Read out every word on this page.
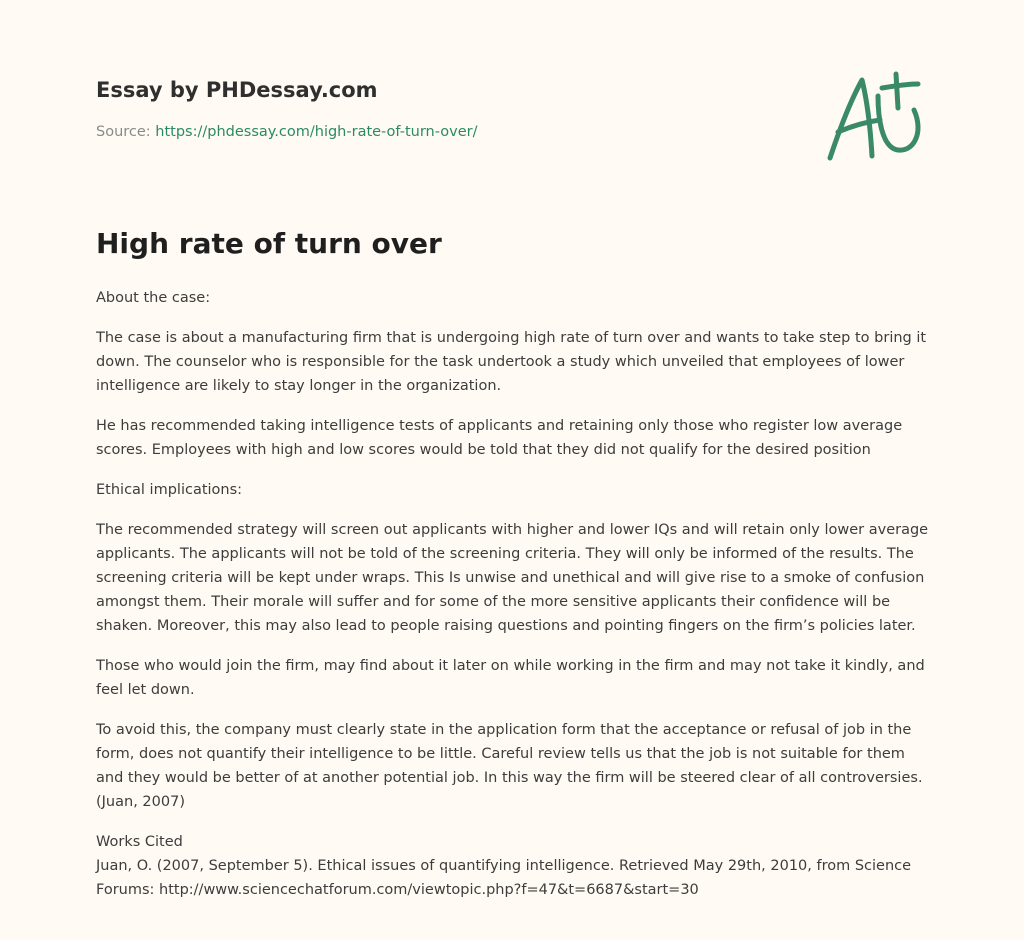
Essay by PHDessay.com

Source: https://phdessay.com/high-rate-of-turn-over/
High rate of turn over

About the case:

The case is about a manufacturing firm that is undergoing high rate of turn over and wants to take step to bring it down. The counselor who is responsible for the task undertook a study which unveiled that employees of lower intelligence are likely to stay longer in the organization.

He has recommended taking intelligence tests of applicants and retaining only those who register low average scores. Employees with high and low scores would be told that they did not qualify for the desired position

Ethical implications:

The recommended strategy will screen out applicants with higher and lower IQs and will retain only lower average applicants. The applicants will not be told of the screening criteria. They will only be informed of the results. The screening criteria will be kept under wraps. This Is unwise and unethical and will give rise to a smoke of confusion amongst them. Their morale will suffer and for some of the more sensitive applicants their confidence will be shaken. Moreover, this may also lead to people raising questions and pointing fingers on the firm’s policies later.

Those who would join the firm, may find about it later on while working in the firm and may not take it kindly, and feel let down.

To avoid this, the company must clearly state in the application form that the acceptance or refusal of job in the form, does not quantify their intelligence to be little. Careful review tells us that the job is not suitable for them and they would be better of at another potential job. In this way the firm will be steered clear of all controversies. (Juan, 2007)

Works Cited
Juan, O. (2007, September 5). Ethical issues of quantifying intelligence. Retrieved May 29th, 2010, from Science Forums: http://www.sciencechatforum.com/viewtopic.php?f=47&t=6687&start=30
